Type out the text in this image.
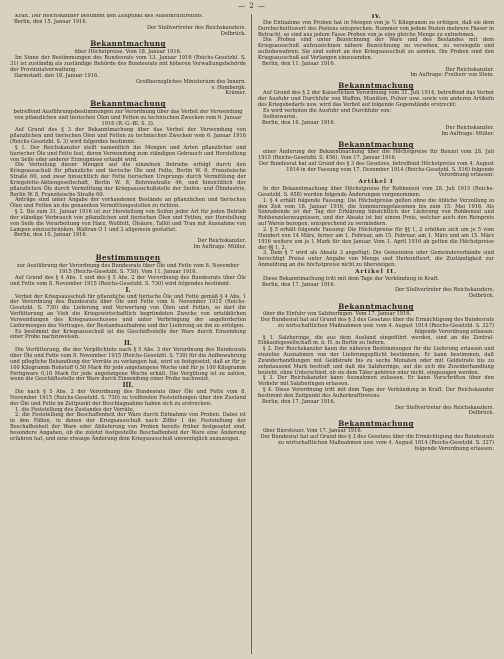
— 2 —

Kraft. Der Reichskanzler bestimmt den Zeitpunkt des Außerkrafttretens.

Berlin, den 15. Januar 1916.

Der Stellvertreter des Reichskanzlers.

Delbrück.

Bekanntmachung
über Höchstpreise. Vom 18. Januar 1916.

Im Sinne der Bestimmungen des Bundesrats vom 13. Januar 1916 (Reichs-Gesetzbl. S. 31) ist zuständig als zuständige Behörde des Bundesrats mit höheren Verwaltungsbehörde der Provinzialverwaltung.

Darmstadt, den 18. Januar 1916.

Großherzogliches Ministerium des Innern.

v. Hombergk.

Krämer.

Bekanntmachung
betreffend Ausführungsbestimmungen zur Verordnung über das Verbot der Verwendung von pflanzlichen und tierischen Ölen und Fetten zu technischen Zwecken vom 6. Januar 1916 (R.-G.-Bl. S. 3).

Auf Grund des § 3 der Bekanntmachung über das Verbot der Verwendung von pflanzlichen und tierischen Ölen und Fetten zu technischen Zwecken vom 6. Januar 1916 (Reichs-Gesetzbl. S. 3) wird folgendes bestimmt:

§ 1. Der Reichskanzler stellt namentlich die Mengen und Arten pflanzlicher und tierischer Öle und Fette fest, deren Verwendung zum ständigen Gebrauch und Herstellung von Seife oder anderer Erzeugnisse erlaubt wird.

Die Verteilung dieser Mengen auf die einzelnen Betriebe erfolgt durch den Kriegsausschuß für pflanzliche und tierische Öle und Fette, Berlin W. 8, Französische Straße 60, und zwar hinsichtlich der Fette tierischen Ursprungs durch Vermittlung der Kriegsfette-Aktiengesellschaft, Berlin W. 8, Behrenstraße 46, und hinsichtlich der pflanzlichen Öle durch Vermittlung der Kriegsausschußstelle der Seifen- und Ölindustrie, Berlin W. 8, Französische Straße 60.

Anträge sind unter Angabe der vorhandenen Bestände an pflanzlichen und tierischen Ölen und Fetten an die genannten Vermittlungsstellen zu richten.

§ 2. Bis zum 31. Januar 1916 ist zur Herstellung von Seifen jeder Art für jeden Betrieb der ständige Verbrauch von pflanzlichen und tierischen Ölen und Fetten, zur Herstellung von Seife die Verarbeitung von Harz, Wollfett, Ölsäure, Tallöl und Tran mit Ausnahme von Lampen einzuschränken, Waltran O 1 und 2 allgemein gestattet.

Berlin, den 10. Januar 1916.

Der Reichskanzler.

Im Auftrage: Müller.

Bestimmungen
zur Ausführung der Verordnung des Bundesrats über Öle und Fette vom 8. November 1915 (Reichs-Gesetzbl. S. 730). Vom 11. Januar 1916.

Auf Grund des § 4 Abs. 1 und des § 5 Abs. 2 der Verordnung des Bundesrats über Öle und Fette vom 8. November 1915 (Reichs-Gesetzbl. S. 730) wird folgendes bestimmt:

I.

Verbot der Kriegsausschuß für pflanzliche und tierische Öle und Fette gemäß § 4 Abs. 1 der Verordnung des Bundesrats über Öle und Fette vom 8. November 1915 (Reichs-Gesetzbl. S. 730) die Lieferung und Verwertung von Ölen und Fetten, so darf die Verfütterung an Vieh die Kriegswirtschaftlich begründeten Zwecke von ortsüblichen Verwendungen des Kriegsausschusses und unter Verbringung der angeforderten Liefermengen des Vertrages, der Bestandsaufnahme und der Lieferung an ihn zu erfolgen.

Es bestimmt der Kriegsausschuß ist die Geschäftsstelle der Ware durch Einsendung einer Probe nachzuweisen.

II.

Die Verfütterung, die der Verpflichtete nach § 5 Abs. 3 der Verordnung des Bundesrats über Öle und Fette vom 8. November 1915 (Reichs-Gesetzbl. S. 730) für die Aufbewahrung und pflegliche Behandlung der Vorräte zu verlangen hat, wird so festgesetzt, daß er für je 100 Kilogramm Rohstoff 0,50 Mark für jede angefangene Woche und für je 100 Kilogramm Fertigware 0,10 Mark für jede angefangene Woche erhält. Die Vergütung ist zu zahlen, wenn die Geschäftsstelle der Ware durch Einsendung einer Probe nachweist.

III.

Die nach § 5 Abs. 2 der Verordnung des Bundesrats über Öle und Fette vom 8. November 1915 (Reichs-Gesetzbl. S. 730) zu treffenden Feststellungen über den Zustand der Öle und Fette im Zeitpunkt der Beschlagnahme haben sich zu erstrecken:

1. die Feststellung des Zustandes der Vorräte,

2. die Feststellung der Beschaffenheit der Ware durch Entnahme von Proben. Dabei ist in den Fällen, in denen der Kriegsausschuß nach Ziffer I die Feststellung der Beschaffenheit der Ware oder Ablieferung von Proben bereits früher festgesetzt sind, besondere Angaben, ob die zuletzt festgestellte Beschaffenheit der Ware eine Änderung erfahren hat, und eine etwaige Änderung dem Kriegsausschuß unverzüglich anzuzeigen.

IV.

Die Entnahme von Proben hat in Mengen von je ½ Kilogramm zu erfolgen, daß sie dem Durchschnittswert des Postens entsprechen. Nummer von jedem Posten mehrere Fässer in Betracht, so sind aus jedem Fasse Proben von je eine gleiche Menge zu entnehmen.

Die Proben sind unter Bezeichnung der Ware und des Bestandes mit dem Kriegsausschuß aufzuzeichnen nähere Bezeichnung zu versehen, zu versiegeln und aufzubewahren. Sie sind sofort an den Kriegsausschuß zu senden. Die Proben sind den Kriegsausschuß auf Verlangen einzusenden.

Berlin, den 11. Januar 1916.

Der Reichskanzler.

Im Auftrage: Freiherr von Stein.

Bekanntmachung

Auf Grund des § 2 der Kaiserlichen Verordnung vom 31. Juli 1914, betreffend das Verbot der Ausfuhr und Durchfuhr von Waffen, Munition, Pulver usw. sowie von anderen Artikeln des Kriegsbedarfs usw. wird das Verbot auf folgende Gegenstände erstreckt:

Es wird verboten die Ausfuhr und Durchfuhr von:

Seifenwaren.

Berlin, den 16. Januar 1916.

Der Reichskanzler.

Im Auftrage: Müller.

Bekanntmachung

einer Änderung der Bekanntmachung über die Höchstpreise für Benzol vom 28. Juli 1915 (Reichs-Gesetzbl. S. 456). Vom 17. Januar 1916.

Der Bundesrat hat auf Grund des § 3 des Gesetzes, betreffend Höchstpreise vom 4. August 1914 in der Fassung vom 17. Dezember 1914 (Reichs-Gesetzbl. S. 516) folgende Verordnung erlassen:

Artikel I

In der Bekanntmachung über Höchstpreise für Rohbenzol vom 28. Juli 1915 (Reichs-Gesetzbl. S. 458) werden folgende Änderungen vorgenommen:

1. § 4 erhält folgende Fassung: Die Höchstpreise gelten ohne die übliche Verzollung in den Zeit vom 18. Januar 1916, die Sommerzugelassenen bis zum 15. Mai 1916. Als Sonnabende ist der Tag der Erklärung hinsichtlich der Lieferung von Rohbenzol und Rohbenzolerzeugnissen, und der Absatz ist bei einem Preis, welcher auch den Reinpreis auf Waren bezogen, entsprechend zu vermindern.

2. § 5 erhält folgende Fassung: Die Höchstpreise für §§ 1, 2 erhöhen sich um je 5 vom Hundert von 14 März, ferner am 1. Februar, am 15. Februar, am 1. März und am 15. März 1916 weitere um je 1 Mark für den Januar. Vom 1. April 1916 ab gelten die Höchstpreise der §§ 1, 2.

3. Dem § 7 wird als Absatz 3 angefügt: Die Gemeinden oder Gemeindeverbände sind berechtigt Preise unter Angabe von Menge und Herkunftsort, die Zuständigkeit zur Anmeldung an die höchstpreise nicht zu übersteigen.

Artikel II.

Diese Bekanntmachung tritt mit dem Tage der Verkündung in Kraft.

Berlin, den 17. Januar 1916.

Der Stellvertreter des Reichskanzlers.

Delbrück.

Bekanntmachung

über die Einfuhr von Salzheringen. Vom 17. Januar 1916.

Der Bundesrat hat auf Grund des § 3 des Gesetzes über die Ermächtigung des Bundesrats zu wirtschaftlichen Maßnahmen usw. vom 4. August 1914 (Reichs-Gesetzbl. S. 327) folgende Verordnung erlassen:

§ 1. Salzheringe, die aus dem Ausland eingeführt werden, sind an die Zentral-Einkaufsgesellschaft m. b. H. in Berlin zu liefern.

§ 2. Der Reichskanzler kann die näheren Bestimmungen für die Lieferung erlassen und einzelne Ausnahmen von der Lieferungspflicht bestimmen. Er kann bestimmen, daß Zuwiderhandlungen mit Geldstrafe bis zu sechs Monaten oder mit Geldstrafe bis zu zehntausend Mark bestraft und daß die Salzheringe, auf die sich die Zuwiderhandlung bezieht, ohne Unterschied, ob sie dem Täter gehören oder nicht, eingezogen werden.

§ 3. Der Reichskanzler kann Ausnahmen zulassen. Er kann Vorschriften über den Verkehr mit Salzheringen erlassen.

§ 4. Diese Verordnung tritt mit dem Tage der Verkündung in Kraft. Der Reichskanzler bestimmt den Zeitpunkt des Außerkrafttretens.

Berlin, den 17. Januar 1916.

Der Stellvertreter des Reichskanzlers.

Delbrück.

Bekanntmachung

über Biersteuer. Vom 17. Januar 1916.

Der Bundesrat hat auf Grund des § 3 des Gesetzes über die Ermächtigung des Bundesrats zu wirtschaftlichen Maßnahmen usw. vom 4. August 1914 (Reichs-Gesetzbl. S. 327) folgende Verordnung erlassen:
